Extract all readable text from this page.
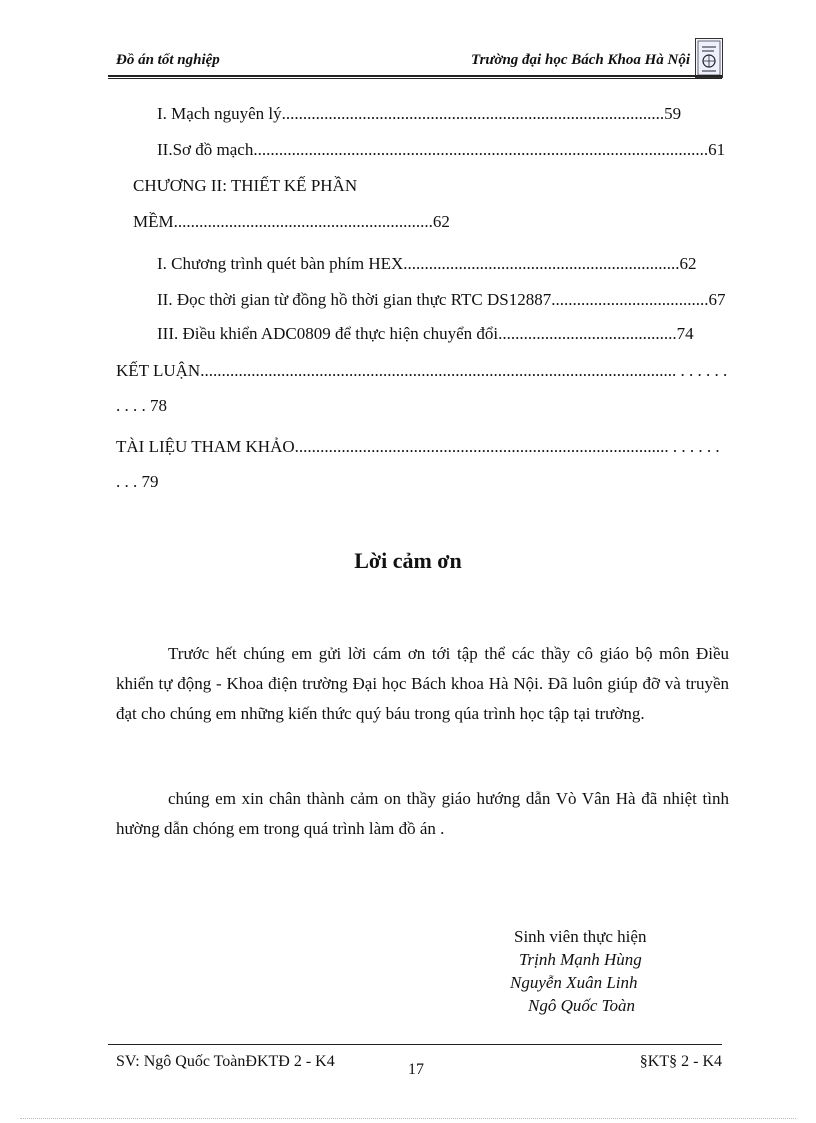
Đồ án tốt nghiệp	Trường đại học Bách Khoa Hà Nội
I. Mạch nguyên lý..........................................................................................59
II.Sơ đồ mạch...........................................................................................................61
CHƯƠNG II: THIẾT KẾ PHẦN
MỀM.............................................................62
I. Chương trình quét bàn phím HEX.................................................................62
II. Đọc thời gian từ đồng hồ thời gian thực RTC DS12887.....................................67
III. Điều khiển ADC0809 để thực hiện chuyển đổi..........................................74
KẾT LUẬN................................................................................................................ . . . . . .
. . . . 78
TÀI LIỆU THAM KHẢO........................................................................................ . . . . . .
. . . 79
Lời cảm ơn
Trước hết chúng em gửi lời cám ơn tới tập thể các thầy cô giáo bộ môn Điều khiển tự động - Khoa điện trường Đại học Bách khoa Hà Nội. Đã luôn giúp đỡ và truyền đạt cho chúng em những kiến thức quý báu trong qúa trình học tập tại trường.
chúng em xin chân thành cảm on thầy giáo hướng dẫn Vò Vân Hà đã nhiệt tình hường dẫn chóng em trong quá trình làm đồ án .
Sinh viên thực hiện
Trịnh Mạnh Hùng
Nguyễn Xuân Linh
Ngô Quốc Toàn
SV: Ngô Quốc ToànĐKTĐ 2 - K4	17	§KT§ 2 - K4
